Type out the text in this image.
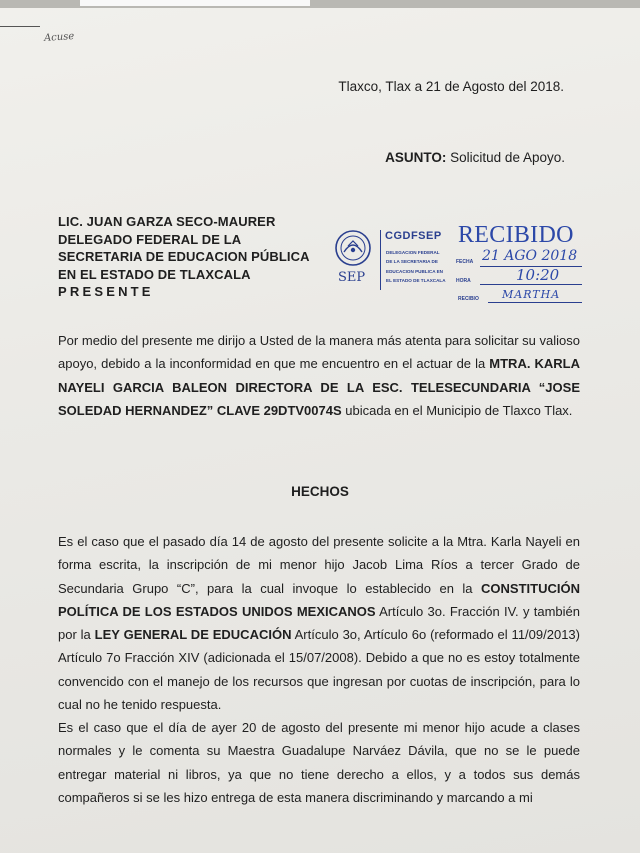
Acuse
Tlaxco, Tlax a 21 de Agosto del 2018.
ASUNTO: Solicitud de Apoyo.
LIC. JUAN GARZA SECO-MAURER
DELEGADO FEDERAL DE LA
SECRETARIA DE EDUCACION PÚBLICA
EN EL ESTADO DE TLAXCALA
PRESENTE
SEP
CGDFSEP RECIBIDO
DELEGACION FEDERAL
DE LA SECRETARIA DE
EDUCACION PUBLICA EN
EL ESTADO DE TLAXCALA
FECHA 21 AGO 2018
HORA	10:20
RECIBIO MARTHA
Por medio del presente me dirijo a Usted de la manera más atenta para solicitar su valioso apoyo, debido a la inconformidad en que me encuentro en el actuar de la MTRA. KARLA NAYELI GARCIA BALEON DIRECTORA DE LA ESC. TELESECUNDARIA “JOSE SOLEDAD HERNANDEZ” CLAVE 29DTV0074S ubicada en el Municipio de Tlaxco Tlax.
HECHOS
Es el caso que el pasado día 14 de agosto del presente solicite a la Mtra. Karla Nayeli en forma escrita, la inscripción de mi menor hijo Jacob Lima Ríos a tercer Grado de Secundaria Grupo “C”, para la cual invoque lo establecido en la CONSTITUCIÓN POLÍTICA DE LOS ESTADOS UNIDOS MEXICANOS Artículo 3o. Fracción IV. y también por la LEY GENERAL DE EDUCACIÓN Artículo 3o, Artículo 6o (reformado el 11/09/2013) Artículo 7o Fracción XIV (adicionada el 15/07/2008). Debido a que no es estoy totalmente convencido con el manejo de los recursos que ingresan por cuotas de inscripción, para lo cual no he tenido respuesta.
Es el caso que el día de ayer 20 de agosto del presente mi menor hijo acude a clases normales y le comenta su Maestra Guadalupe Narváez Dávila, que no se le puede entregar material ni libros, ya que no tiene derecho a ellos, y a todos sus demás compañeros si se les hizo entrega de esta manera discriminando y marcando a mi
